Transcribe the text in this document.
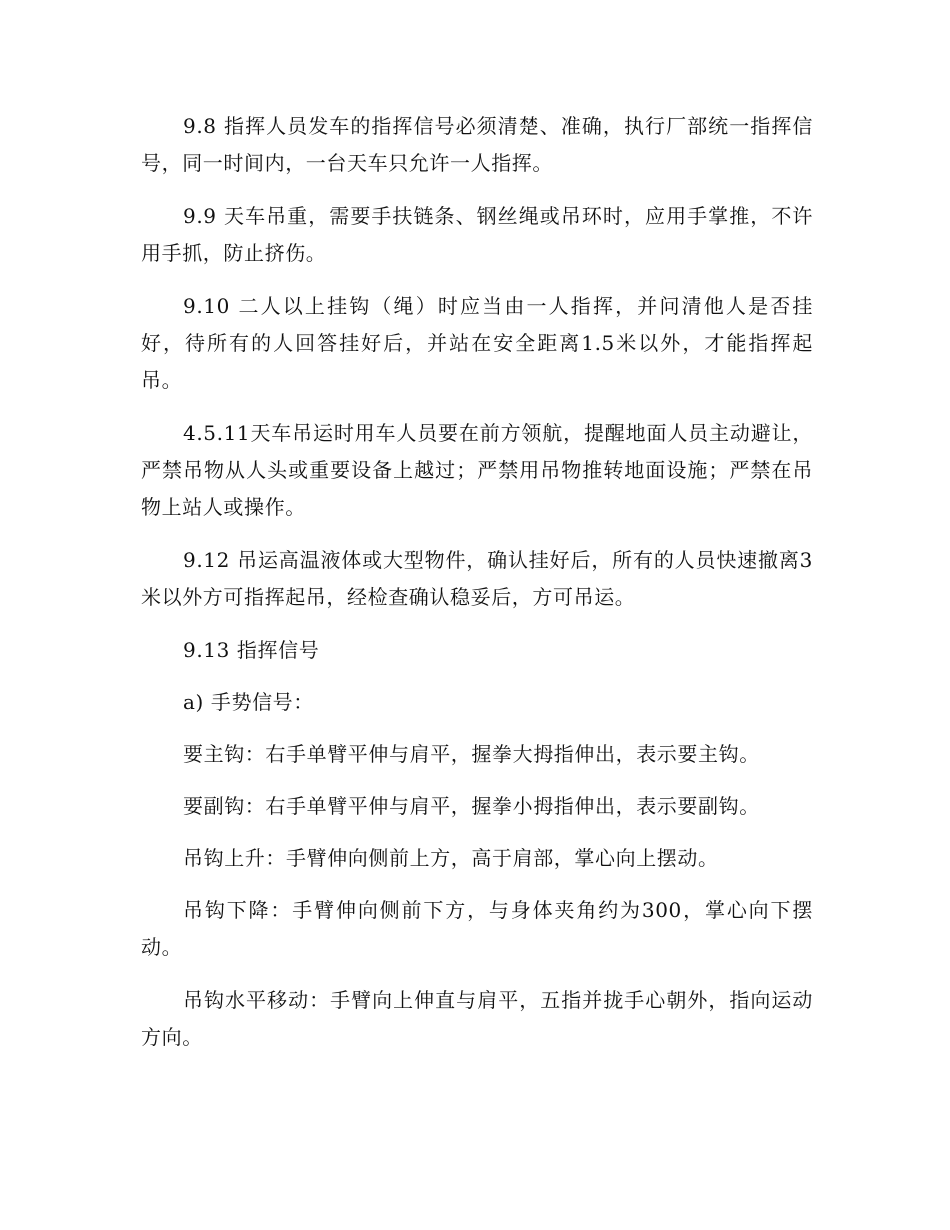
9.8 指挥人员发车的指挥信号必须清楚、准确，执行厂部统一指挥信号，同一时间内，一台天车只允许一人指挥。

9.9 天车吊重，需要手扶链条、钢丝绳或吊环时，应用手掌推，不许用手抓，防止挤伤。

9.10 二人以上挂钩（绳）时应当由一人指挥，并问清他人是否挂好，待所有的人回答挂好后，并站在安全距离1.5米以外，才能指挥起吊。

4.5.11天车吊运时用车人员要在前方领航，提醒地面人员主动避让，严禁吊物从人头或重要设备上越过；严禁用吊物推转地面设施；严禁在吊物上站人或操作。

9.12 吊运高温液体或大型物件，确认挂好后，所有的人员快速撤离3米以外方可指挥起吊，经检查确认稳妥后，方可吊运。

9.13 指挥信号

a) 手势信号：

要主钩：右手单臂平伸与肩平，握拳大拇指伸出，表示要主钩。

要副钩：右手单臂平伸与肩平，握拳小拇指伸出，表示要副钩。

吊钩上升：手臂伸向侧前上方，高于肩部，掌心向上摆动。

吊钩下降：手臂伸向侧前下方，与身体夹角约为300，掌心向下摆动。

吊钩水平移动：手臂向上伸直与肩平，五指并拢手心朝外，指向运动方向。
